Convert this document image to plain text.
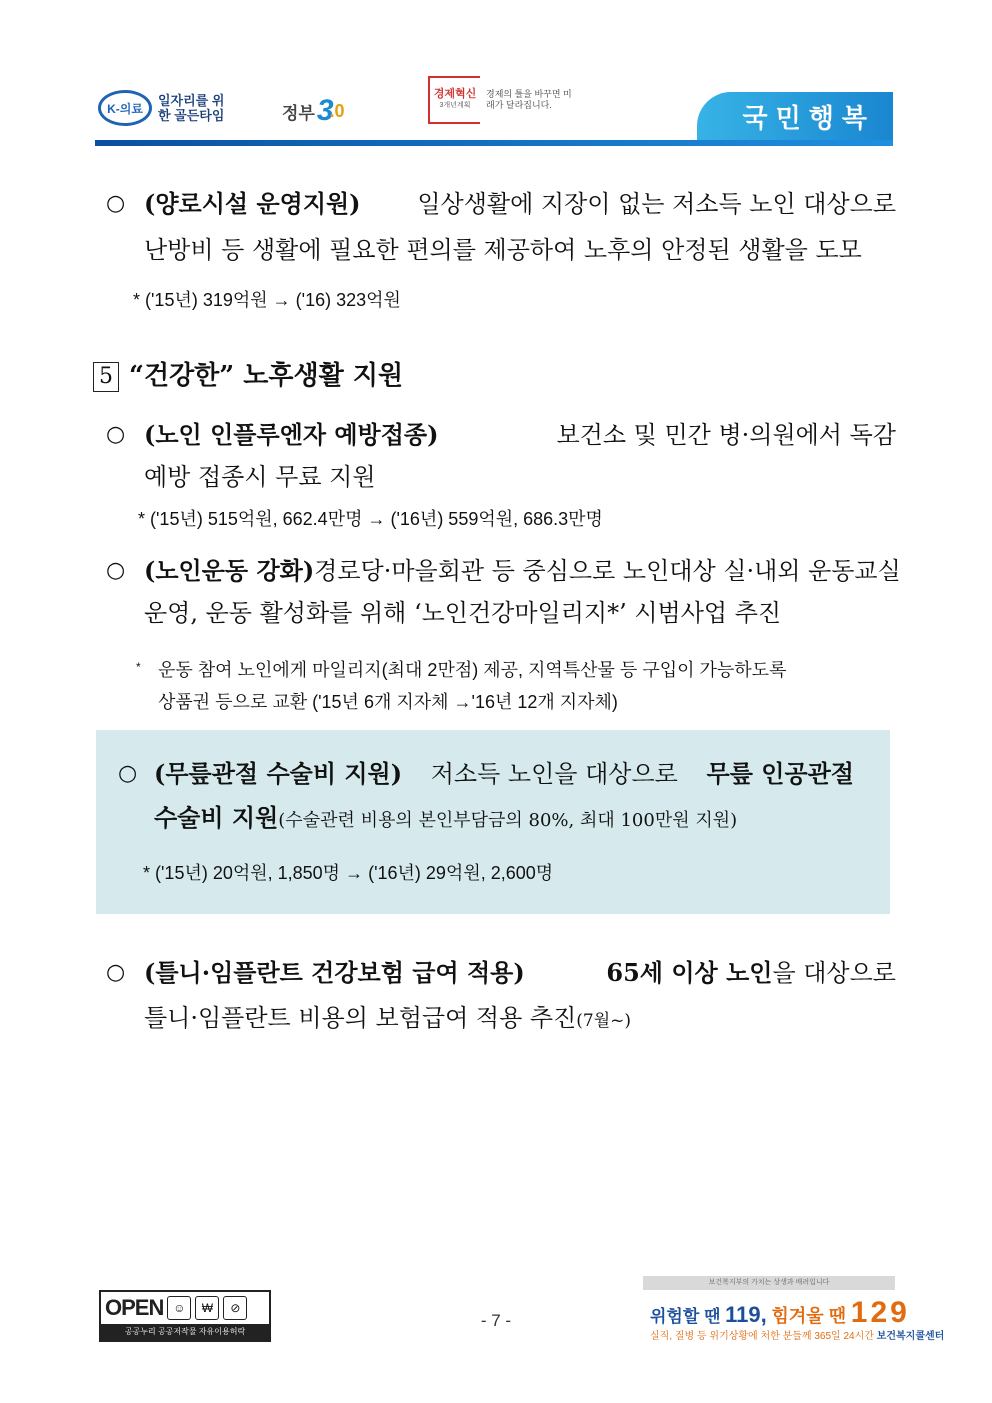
K-의료
일자리를 위한 골든타임	정부 3
.0
경제혁신
3개년계획
경제의 틀을 바꾸면 미래가 달라집니다.	국민행복
○ (양로시설 운영지원) 일상생활에 지장이 없는 저소득 노인 대상으로
난방비 등 생활에 필요한 편의를 제공하여 노후의 안정된 생활을 도모
* ('15년) 319억원 → ('16) 323억원
5 “건강한” 노후생활 지원
○ (노인 인플루엔자 예방접종)	보건소 및 민간 병·의원에서 독감
예방 접종시 무료 지원
* ('15년) 515억원, 662.4만명 → ('16년) 559억원, 686.3만명
○ (노인운동 강화) 경로당·마을회관 등 중심으로 노인대상 실·내외 운동교실
운영, 운동 활성화를 위해 ‘노인건강마일리지*’ 시범사업 추진
* 운동 참여 노인에게 마일리지(최대 2만점) 제공, 지역특산물 등 구입이 가능하도록
상품권 등으로 교환 ('15년 6개 지자체 →'16년 12개 지자체)
○ (무릎관절 수술비 지원) 저소득 노인을 대상으로 무릎 인공관절
수술비 지원(수술관련 비용의 본인부담금의 80%, 최대 100만원 지원)
* ('15년) 20억원, 1,850명 → ('16년) 29억원, 2,600명
○ (틀니·임플란트 건강보험 급여 적용)	65세 이상 노인을 대상으로
틀니·임플란트 비용의 보험급여 적용 추진(7월~)
OPEN ☺	₩	⊘
공공누리 공공저작물 자유이용허락
- 7 -
보건복지부의 가치는 상생과 배려입니다
위험할 땐 119, 힘겨울 땐 129
실직, 질병 등 위기상황에 처한 분들께 365일 24시간 보건복지콜센터
